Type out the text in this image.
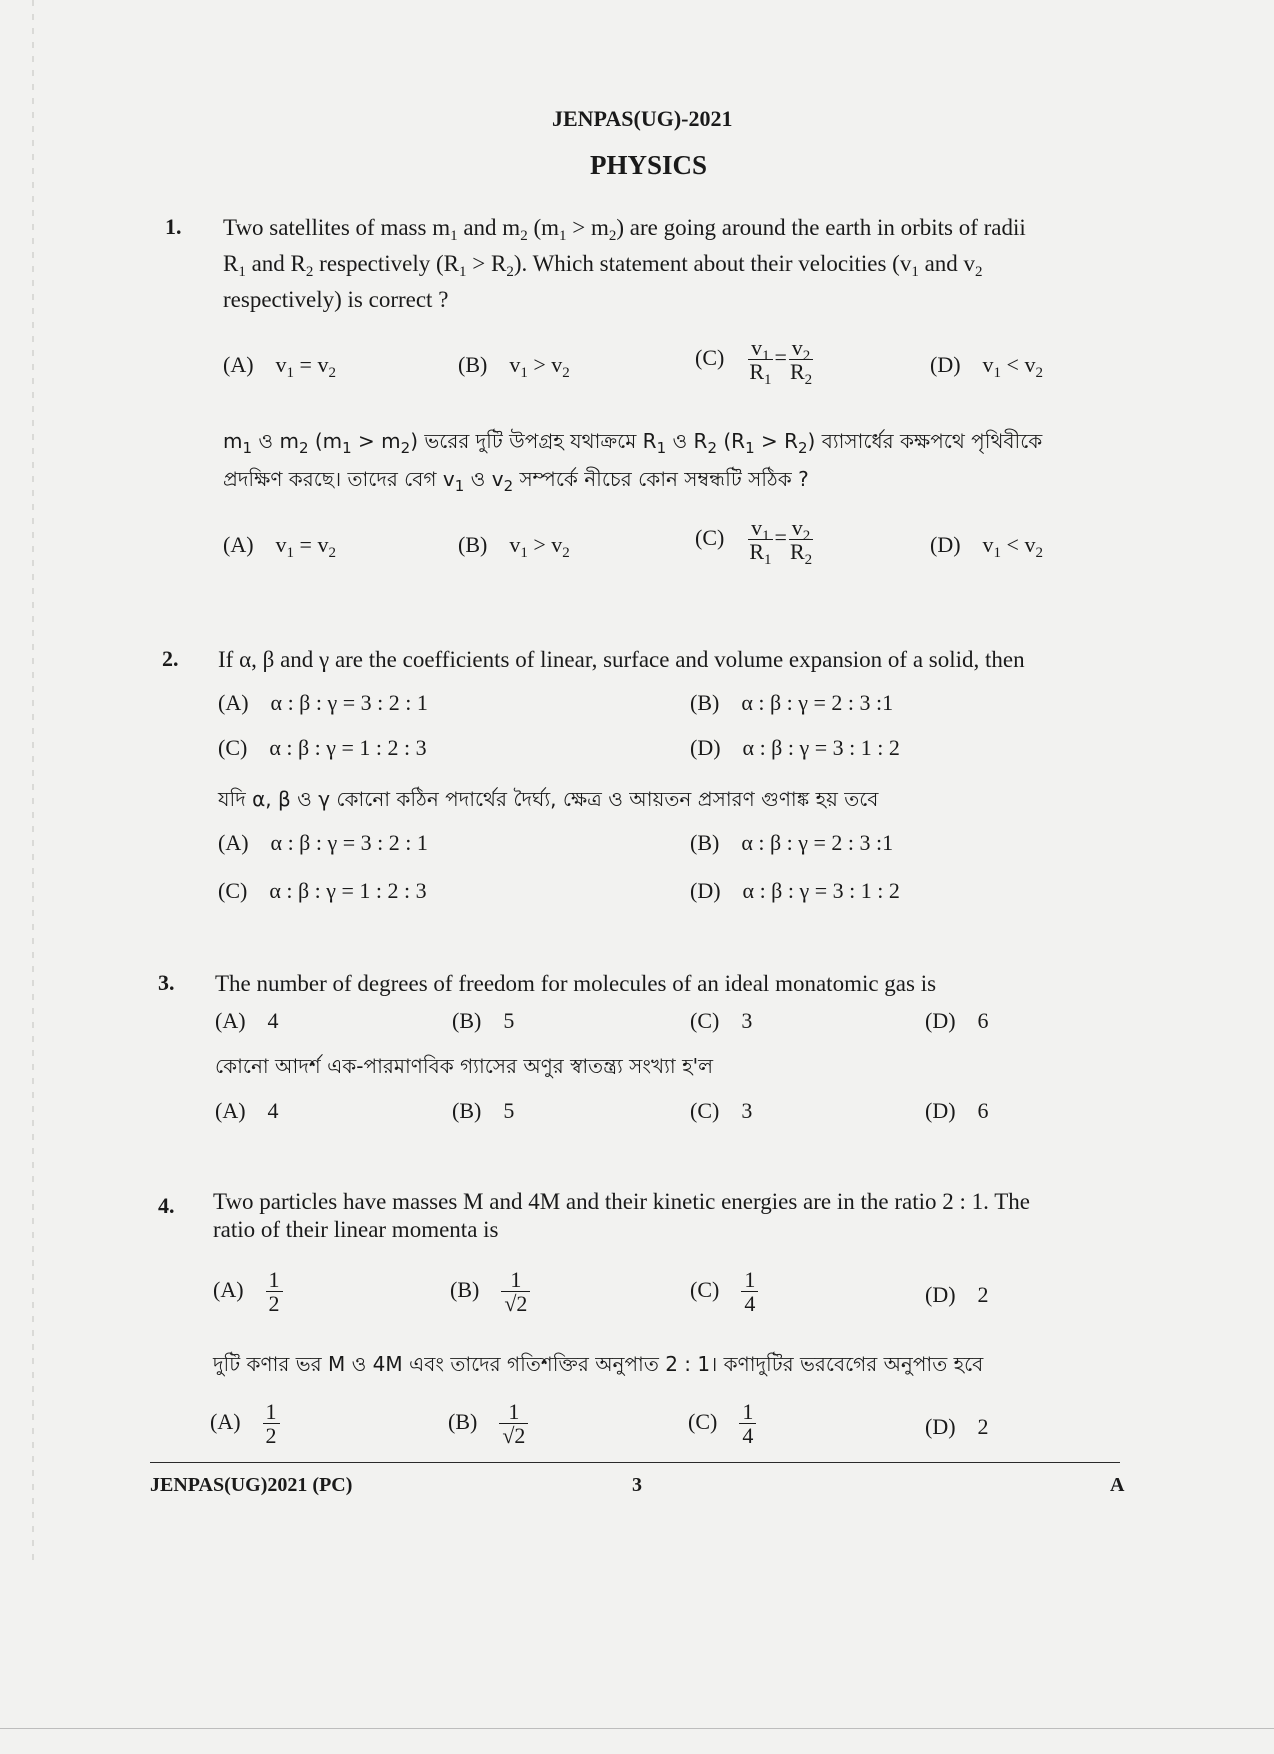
JENPAS(UG)-2021
PHYSICS
1. Two satellites of mass $m_1$ and $m_2$ $(m_1 > m_2)$ are going around the earth in orbits of radii
$R_1$ and $R_2$ respectively $(R_1 > R_2)$. Which statement about their velocities ($v_1$ and $v_2$
respectively) is correct ?
(A) $v_1 = v_2$	(B) $v_1 > v_2$
$(C) \frac{v_1}{R_1} = \frac{v_2}{R_2}$	(D) $v_1 < v_2$
$m_1$ ও $m_2$ $(m_1 > m_2)$ ভরের দুটি উপগ্রহ যথাক্রমে $R_1$ ও $R_2$ $(R_1 > R_2)$ ব্যাসার্ধের কক্ষপথে পৃথিবীকে
প্রদক্ষিণ করছে। তাদের বেগ $v_1$ ও $v_2$ সম্পর্কে নীচের কোন সম্বন্ধটি সঠিক ?
(A) $v_1 = v_2$	(B) $v_1 > v_2$
$(C) \frac{v_1}{R_1} = \frac{v_2}{R_2}$	(D) $v_1 < v_2$
2. If α, β and γ are the coefficients of linear, surface and volume expansion of a solid, then
(A) α : β : γ = 3 : 2 : 1	(B) α : β : γ = 2 : 3 :1
(C) α : β : γ = 1 : 2 : 3	(D) α : β : γ = 3 : 1 : 2
যদি α, β ও γ কোনো কঠিন পদার্থের দৈর্ঘ্য, ক্ষেত্র ও আয়তন প্রসারণ গুণাঙ্ক হয় তবে
(A) α : β : γ = 3 : 2 : 1	(B) α : β : γ = 2 : 3 :1
(C) α : β : γ = 1 : 2 : 3	(D) α : β : γ = 3 : 1 : 2
3. The number of degrees of freedom for molecules of an ideal monatomic gas is
(A) 4	(B) 5	(C) 3	(D) 6
কোনো আদর্শ এক-পারমাণবিক গ্যাসের অণুর স্বাতন্ত্র্য সংখ্যা হ'ল
(A) 4	(B) 5	(C) 3	(D) 6
4. Two particles have masses M and 4M and their kinetic energies are in the ratio 2 : 1. The
ratio of their linear momenta is
$(A) \frac{1}{2}$	$(B) \frac{1}{√2}$	$(C) \frac{1}{4}$	(D) 2
দুটি কণার ভর M ও 4M এবং তাদের গতিশক্তির অনুপাত 2 : 1। কণাদুটির ভরবেগের অনুপাত হবে
$(A) \frac{1}{2}$	$(B) \frac{1}{√2}$	$(C) \frac{1}{4}$	(D) 2
JENPAS(UG)2021 (PC)	3	A
